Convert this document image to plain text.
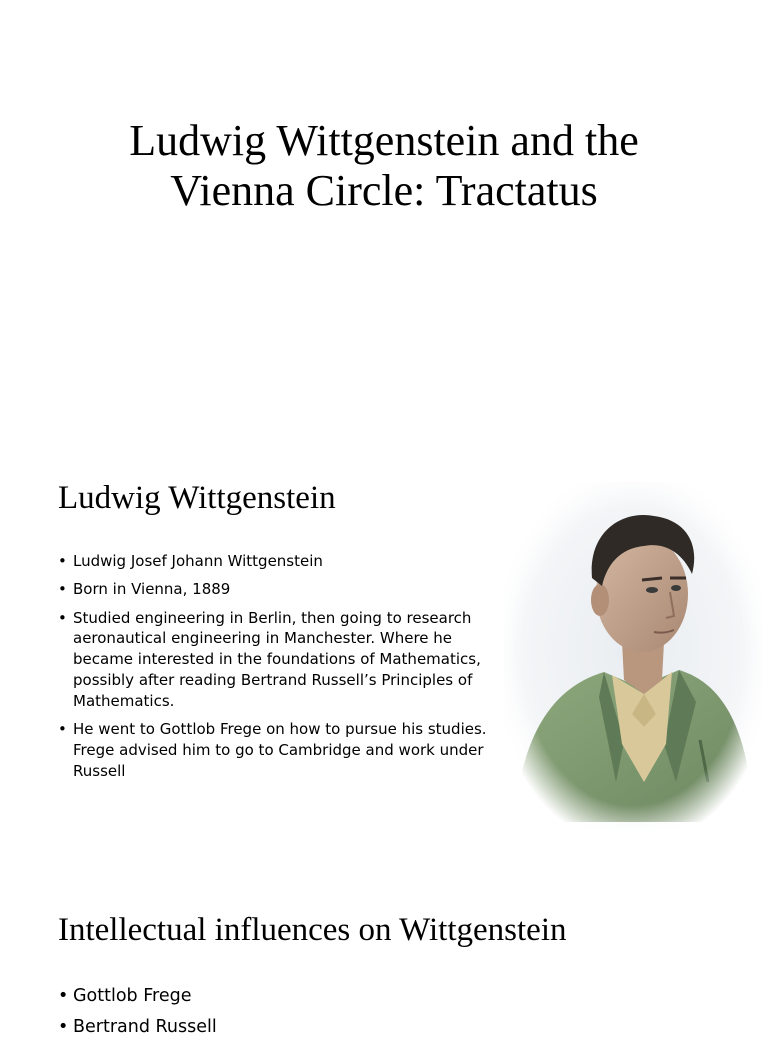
Ludwig Wittgenstein and the
Vienna Circle: Tractatus
Ludwig Wittgenstein
• Ludwig Josef Johann Wittgenstein
• Born in Vienna, 1889
• Studied engineering in Berlin, then going to research aeronautical engineering in Manchester. Where he became interested in the foundations of Mathematics, possibly after reading Bertrand Russell’s Principles of Mathematics.
• He went to Gottlob Frege on how to pursue his studies. Frege advised him to go to Cambridge and work under Russell
Intellectual influences on Wittgenstein
• Gottlob Frege
• Bertrand Russell
